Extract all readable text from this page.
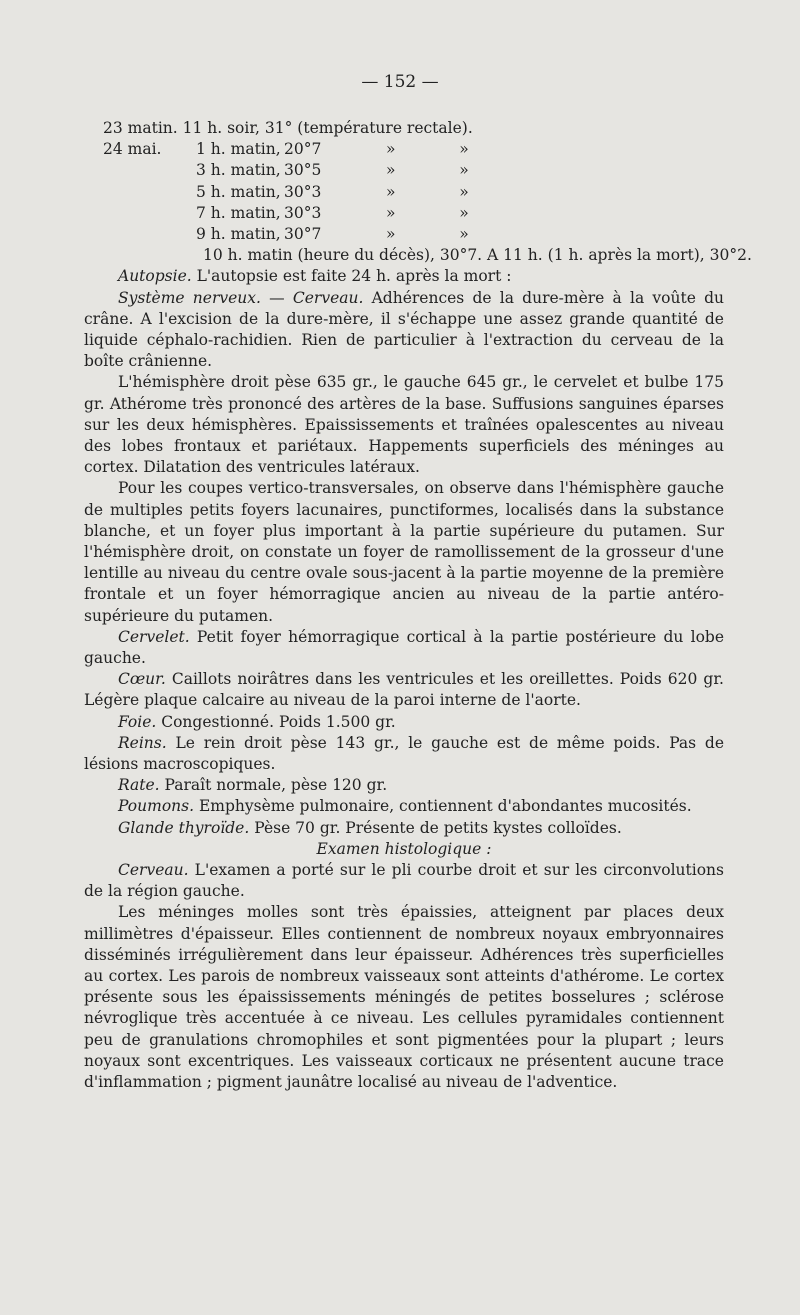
— 152 —

23 matin. 11 h. soir, 31° (température rectale).

24 mai.	1 h. matin, 20°7	»	»
3 h. matin, 30°5	»	»
5 h. matin, 30°3	»	»
7 h. matin, 30°3	»	»
9 h. matin, 30°7	»	»

10 h. matin (heure du décès), 30°7. A 11 h. (1 h. après la mort), 30°2.

Autopsie. L'autopsie est faite 24 h. après la mort :

Système nerveux. — Cerveau. Adhérences de la dure-mère à la voûte du crâne. A l'excision de la dure-mère, il s'échappe une assez grande quantité de liquide céphalo-rachidien. Rien de particulier à l'extraction du cerveau de la boîte crânienne.

L'hémisphère droit pèse 635 gr., le gauche 645 gr., le cervelet et bulbe 175 gr. Athérome très prononcé des artères de la base. Suffusions sanguines éparses sur les deux hémisphères. Epaississements et traînées opalescentes au niveau des lobes frontaux et pariétaux. Happements superficiels des méninges au cortex. Dilatation des ventricules latéraux.

Pour les coupes vertico-transversales, on observe dans l'hémisphère gauche de multiples petits foyers lacunaires, punctiformes, localisés dans la substance blanche, et un foyer plus important à la partie supérieure du putamen. Sur l'hémisphère droit, on constate un foyer de ramollissement de la grosseur d'une lentille au niveau du centre ovale sous-jacent à la partie moyenne de la première frontale et un foyer hémorragique ancien au niveau de la partie antéro-supérieure du putamen.

Cervelet. Petit foyer hémorragique cortical à la partie postérieure du lobe gauche.

Cœur. Caillots noirâtres dans les ventricules et les oreillettes. Poids 620 gr. Légère plaque calcaire au niveau de la paroi interne de l'aorte.

Foie. Congestionné. Poids 1.500 gr.

Reins. Le rein droit pèse 143 gr., le gauche est de même poids. Pas de lésions macroscopiques.

Rate. Paraît normale, pèse 120 gr.

Poumons. Emphysème pulmonaire, contiennent d'abondantes mucosités.

Glande thyroïde. Pèse 70 gr. Présente de petits kystes colloïdes.

Examen histologique :

Cerveau. L'examen a porté sur le pli courbe droit et sur les circonvolutions de la région gauche.

Les méninges molles sont très épaissies, atteignent par places deux millimètres d'épaisseur. Elles contiennent de nombreux noyaux embryonnaires disséminés irrégulièrement dans leur épaisseur. Adhérences très superficielles au cortex. Les parois de nombreux vaisseaux sont atteints d'athérome. Le cortex présente sous les épaississements méningés de petites bosselures ; sclérose névroglique très accentuée à ce niveau. Les cellules pyramidales contiennent peu de granulations chromophiles et sont pigmentées pour la plupart ; leurs noyaux sont excentriques. Les vaisseaux corticaux ne présentent aucune trace d'inflammation ; pigment jaunâtre localisé au niveau de l'adventice.
